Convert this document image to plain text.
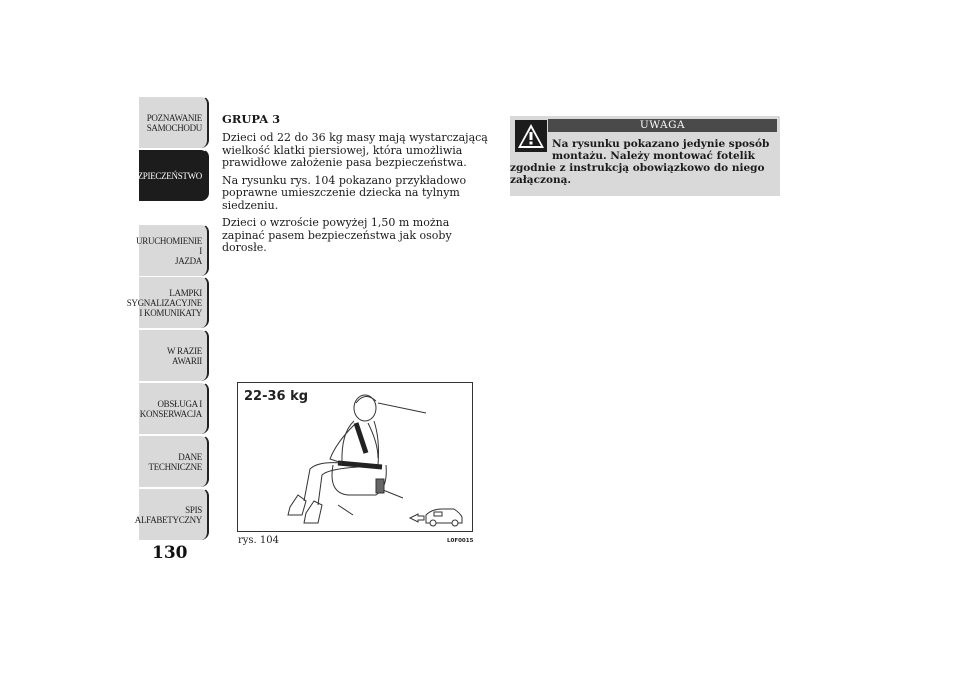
POZNAWANIE
SAMOCHODU
BEZPIECZEŃSTWO
URUCHOMIENIE I
JAZDA
LAMPKI
SYGNALIZACYJNE
I KOMUNIKATY
W RAZIE AWARII
OBSŁUGA I
KONSERWACJA
DANE
TECHNICZNE
SPIS
ALFABETYCZNY
130

GRUPA 3

Dzieci od 22 do 36 kg masy mają wystarczającą wielkość klatki piersiowej, która umożliwia prawidłowe założenie pasa bezpieczeństwa.

Na rysunku rys. 104 pokazano przykładowo poprawne umieszczenie dziecka na tylnym siedzeniu.

Dzieci o wzroście powyżej 1,50 m można zapinać pasem bezpieczeństwa jak osoby dorosłe.

UWAGA
Na rysunku pokazano jedynie sposób
montażu. Należy montować fotelik
zgodnie z instrukcją obowiązkowo do niego załączoną.
22-36 kg
rys. 104	L0F0015
